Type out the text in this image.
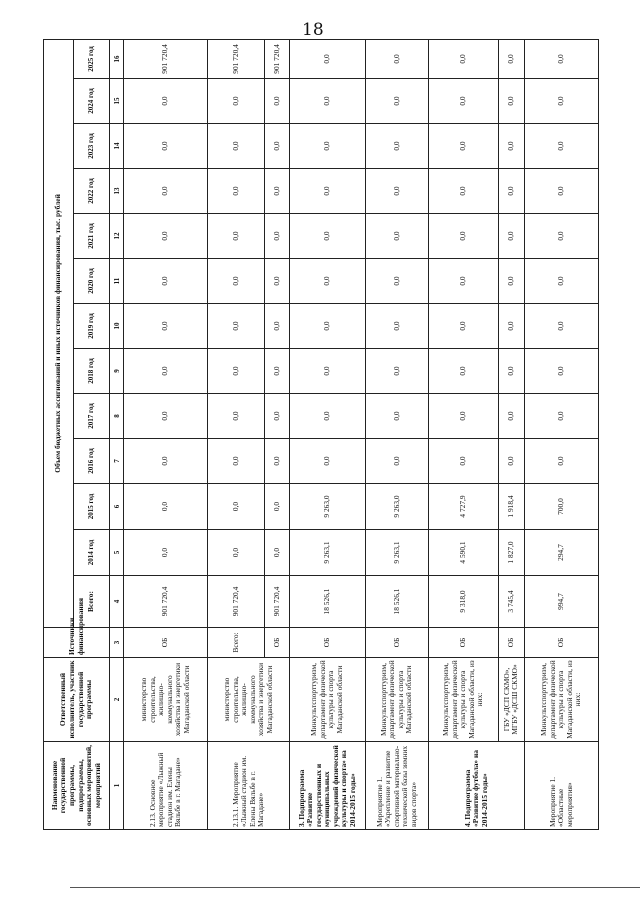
18
Наименование государственной программы, подпрограммы, основных мероприятий, мероприятий	Ответственный исполнитель, участник государственной программы	Источники финансирования	Объем бюджетных ассигнований и иных источников финансирования, тыс. рублей												
			Всего:	2014 год	2015 год	2016 год	2017 год	2018 год	2019 год	2020 год	2021 год	2022 год	2023 год	2024 год	2025 год
1	2	3	4	5	6	7	8	9	10	11	12	13	14	15	16
2.13. Основное мероприятие «Лыжный стадион им. Елены Вяльбе в г. Магадане»	министерство строительства, жилищно-коммунального хозяйства и энергетики Магаданской области	ОБ	901 720,4	0,0	0,0	0,0	0,0	0,0	0,0	0,0	0,0	0,0	0,0	0,0	901 720,4
2.13.1. Мероприятие «Лыжный стадион им. Елены Вяльбе в г. Магадане»	министерство строительства, жилищно-коммунального хозяйства и энергетики Магаданской области	Всего:	901 720,4	0,0	0,0	0,0	0,0	0,0	0,0	0,0	0,0	0,0	0,0	0,0	901 720,4
		ОБ	901 720,4	0,0	0,0	0,0	0,0	0,0	0,0	0,0	0,0	0,0	0,0	0,0	901 720,4
3. Подпрограмма «Развитие государственных и муниципальных учреждений физической культуры и спорта» на 2014-2015 годы»	Минкультспорттуризм, департамент физической культуры и спорта Магаданской области	ОБ	18 526,1	9 263,1	9 263,0	0,0	0,0	0,0	0,0	0,0	0,0	0,0	0,0	0,0	0,0
Мероприятие 1. «Укрепление и развитие спортивной материально-технической базы зимних видов спорта»	Минкультспорттуризм, департамент физической культуры и спорта Магаданской области	ОБ	18 526,1	9 263,1	9 263,0	0,0	0,0	0,0	0,0	0,0	0,0	0,0	0,0	0,0	0,0
4. Подпрограмма «Развитие футбола» на 2014-2015 годы»	Минкультспорттуризм, департамент физической культуры и спорта Магаданской области, из них:	ОБ	9 318,0	4 590,1	4 727,9	0,0	0,0	0,0	0,0	0,0	0,0	0,0	0,0	0,0	0,0
	ГБУ «ДСП СКМО», МГБУ «ДСШ СКМО»	ОБ	3 745,4	1 827,0	1 918,4	0,0	0,0	0,0	0,0	0,0	0,0	0,0	0,0	0,0	0,0
Мероприятие 1. «Областные мероприятия»	Минкультспорттуризм, департамент физической культуры и спорта Магаданской области, из них:	ОБ	994,7	294,7	700,0	0,0	0,0	0,0	0,0	0,0	0,0	0,0	0,0	0,0	0,0
